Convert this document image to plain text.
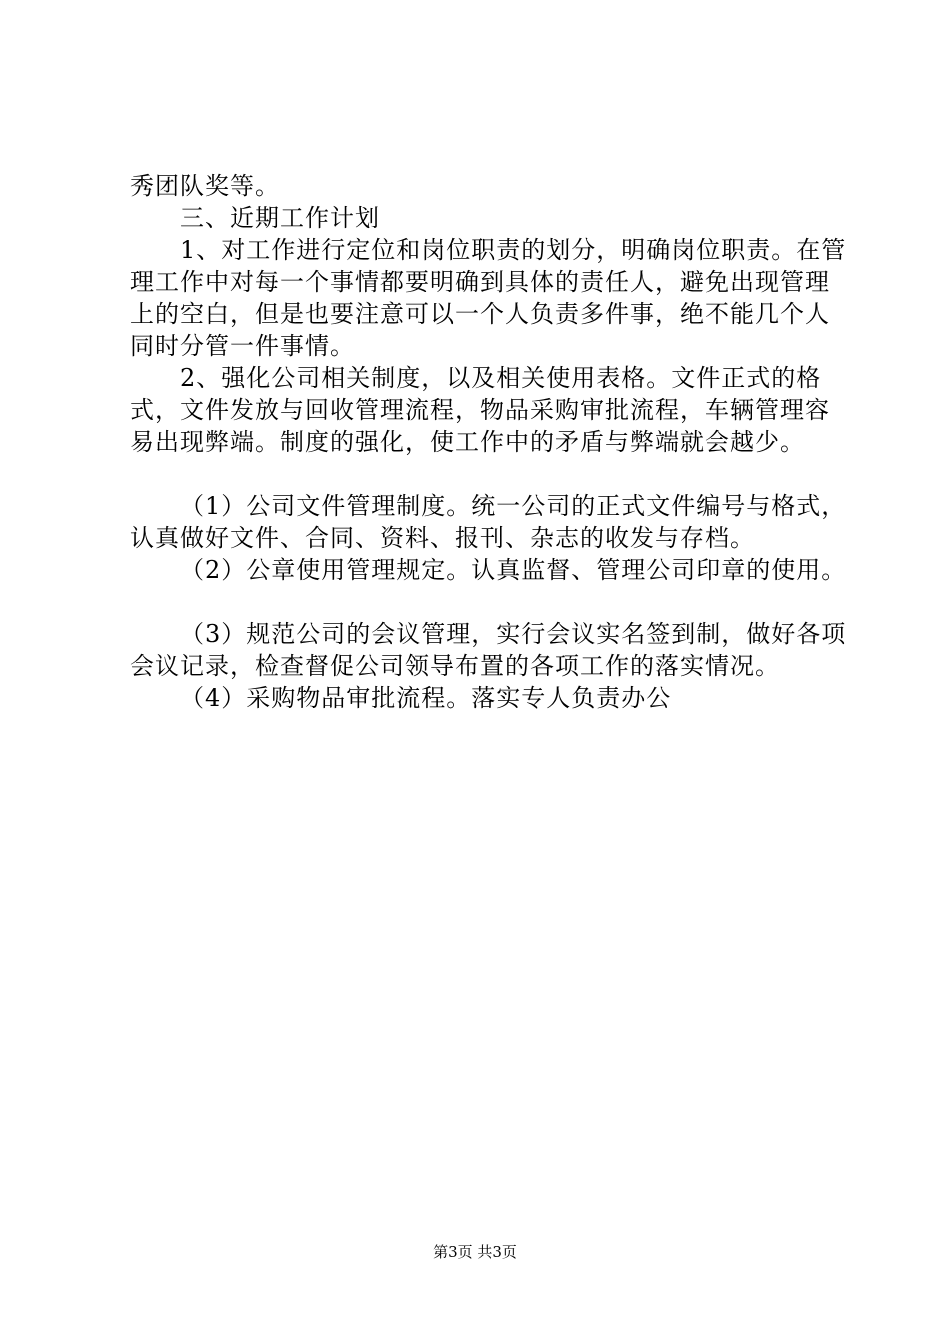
秀团队奖等。

三、近期工作计划

1、对工作进行定位和岗位职责的划分，明确岗位职责。在管理工作中对每一个事情都要明确到具体的责任人，避免出现管理上的空白，但是也要注意可以一个人负责多件事，绝不能几个人同时分管一件事情。

2、强化公司相关制度，以及相关使用表格。文件正式的格式，文件发放与回收管理流程，物品采购审批流程，车辆管理容易出现弊端。制度的强化，使工作中的矛盾与弊端就会越少。

（1）公司文件管理制度。统一公司的正式文件编号与格式，认真做好文件、合同、资料、报刊、杂志的收发与存档。

（2）公章使用管理规定。认真监督、管理公司印章的使用。

（3）规范公司的会议管理，实行会议实名签到制，做好各项会议记录，检查督促公司领导布置的各项工作的落实情况。

（4）采购物品审批流程。落实专人负责办公

第3页 共3页
